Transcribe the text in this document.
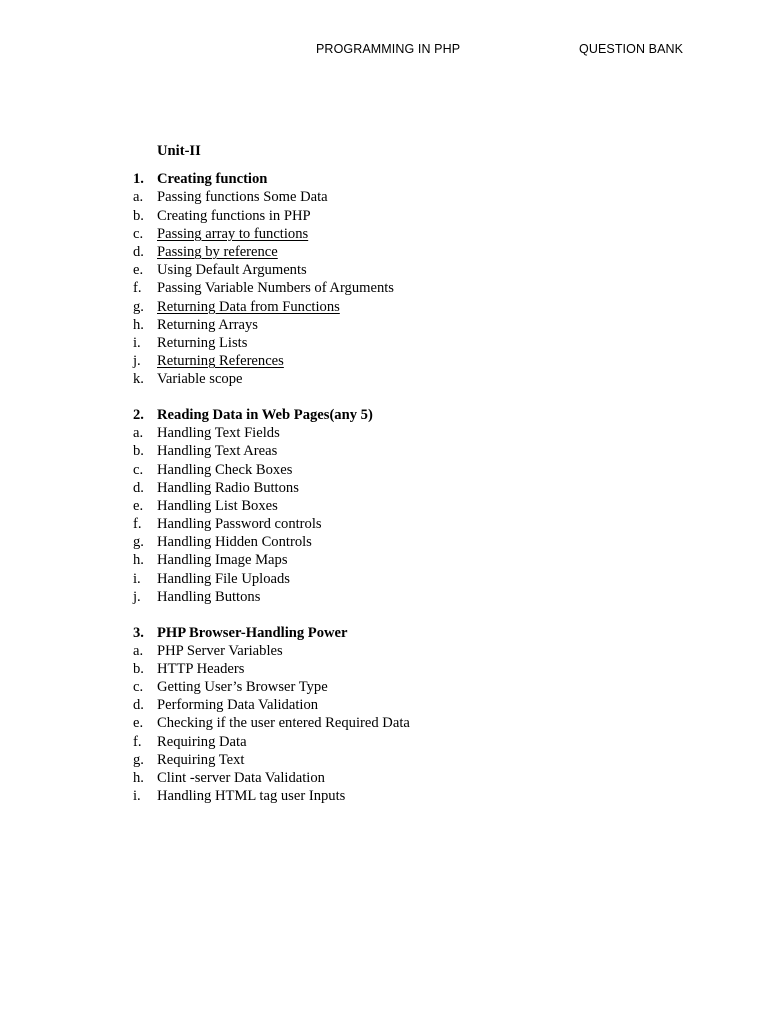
PROGRAMMING IN PHP	QUESTION BANK
Unit-II
1. Creating function
a. Passing functions Some Data
b. Creating functions in PHP
c. Passing array to functions
d. Passing by reference
e. Using Default Arguments
f.	Passing Variable Numbers of Arguments
g. Returning Data from Functions
h. Returning Arrays
i.	Returning Lists
j.	Returning References
k. Variable scope
2. Reading Data in Web Pages(any 5)
a. Handling Text Fields
b. Handling Text Areas
c. Handling Check Boxes
d. Handling Radio Buttons
e. Handling List Boxes
f.	Handling Password controls
g. Handling Hidden Controls
h. Handling Image Maps
i.	Handling File Uploads
j.	Handling Buttons
3. PHP Browser-Handling Power
a. PHP Server Variables
b. HTTP Headers
c. Getting User’s Browser Type
d. Performing Data Validation
e. Checking if the user entered Required Data
f.	Requiring Data
g. Requiring Text
h. Clint -server Data Validation
i.	Handling HTML tag user Inputs
